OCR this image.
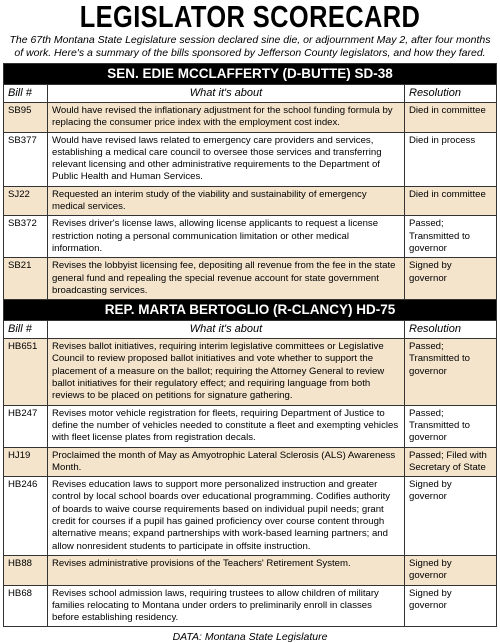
LEGISLATOR SCORECARD
The 67th Montana State Legislature session declared sine die, or adjournment May 2, after four months of work. Here's a summary of the bills sponsored by Jefferson County legislators, and how they fared.
SEN. EDIE MCCLAFFERTY (D-BUTTE) SD-38		
Bill #	What it's about	Resolution
SB95	Would have revised the inflationary adjustment for the school funding formula by replacing the consumer price index with the employment cost index.	Died in committee
SB377	Would have revised laws related to emergency care providers and services, establishing a medical care council to oversee those services and transferring relevant licensing and other administrative requirements to the Department of Public Health and Human Services.	Died in process
SJ22	Requested an interim study of the viability and sustainability of emergency medical services.	Died in committee
SB372	Revises driver's license laws, allowing license applicants to request a license restriction noting a personal communication limitation or other medical information.	Passed; Transmitted to governor
SB21	Revises the lobbyist licensing fee, depositing all revenue from the fee in the state general fund and repealing the special revenue account for state government broadcasting services.	Signed by governor
REP. MARTA BERTOGLIO (R-CLANCY) HD-75		
Bill #	What it's about	Resolution
HB651	Revises ballot initiatives, requiring interim legislative committees or Legislative Council to review proposed ballot initiatives and vote whether to support the placement of a measure on the ballot; requiring the Attorney General to review ballot initiatives for their regulatory effect; and requiring language from both reviews to be placed on petitions for signature gathering.	Passed; Transmitted to governor
HB247	Revises motor vehicle registration for fleets, requiring Department of Justice to define the number of vehicles needed to constitute a fleet and exempting vehicles with fleet license plates from registration decals.	Passed; Transmitted to governor
HJ19	Proclaimed the month of May as Amyotrophic Lateral Sclerosis (ALS) Awareness Month.	Passed; Filed with Secretary of State
HB246	Revises education laws to support more personalized instruction and greater control by local school boards over educational programming. Codifies authority of boards to waive course requirements based on individual pupil needs; grant credit for courses if a pupil has gained proficiency over course content through alternative means; expand partnerships with work-based learning partners; and allow nonresident students to participate in offsite instruction.	Signed by governor
HB88	Revises administrative provisions of the Teachers' Retirement System.	Signed by governor
HB68	Revises school admission laws, requiring trustees to allow children of military families relocating to Montana under orders to preliminarily enroll in classes before establishing residency.	Signed by governor
DATA: Montana State Legislature
